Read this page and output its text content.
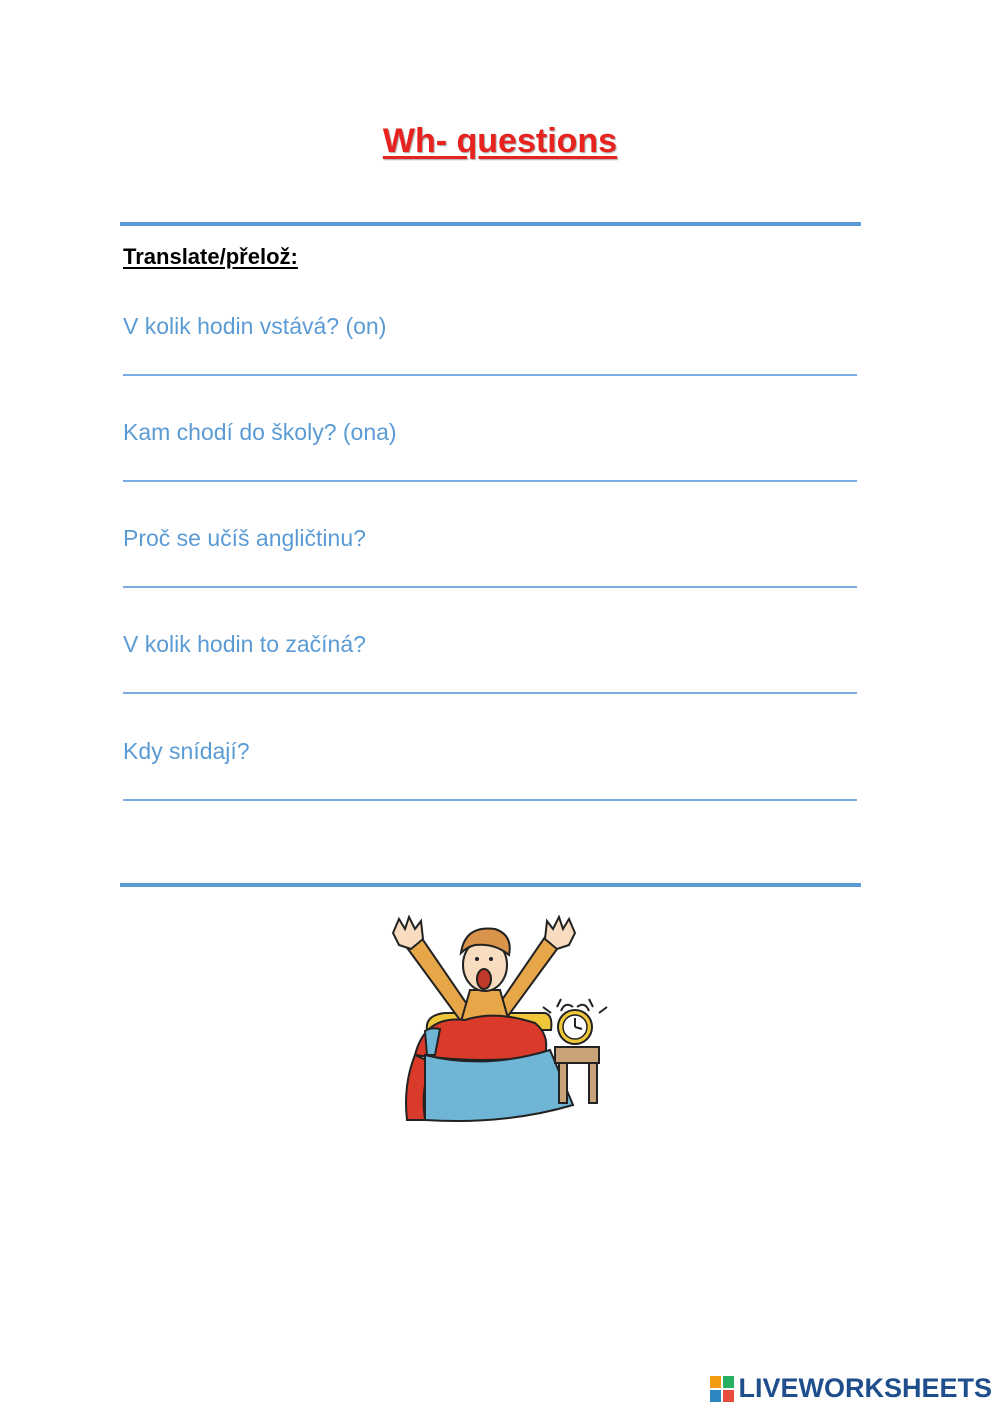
Wh- questions
Translate/přelož:
V kolik hodin vstává? (on)
Kam chodí do školy? (ona)
Proč se učíš angličtinu?
V kolik hodin to začíná?
Kdy snídají?
LIVEWORKSHEETS
